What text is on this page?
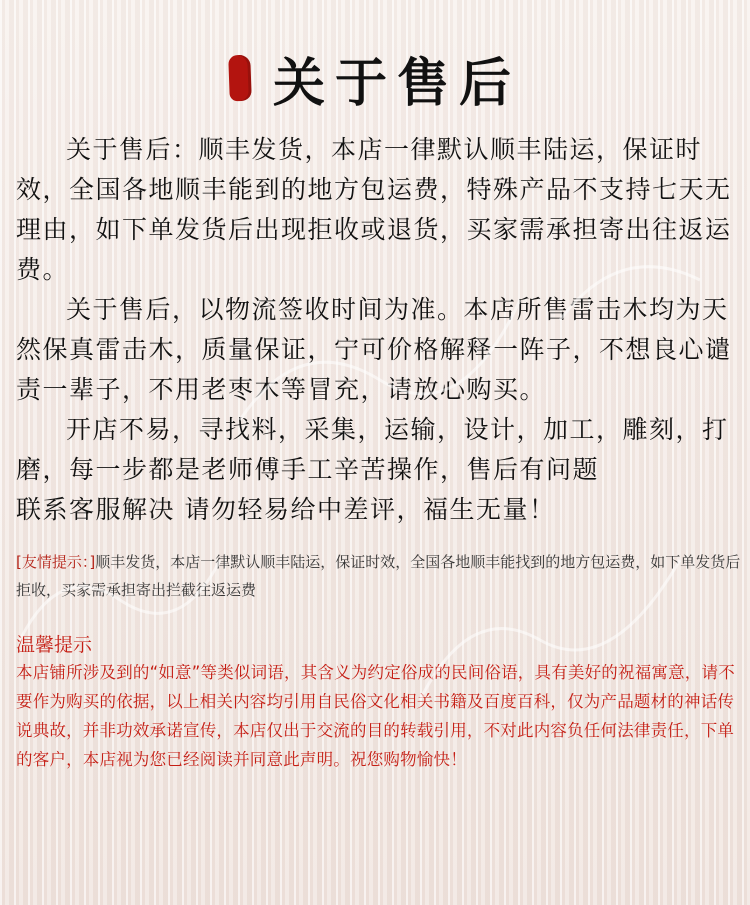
关于售后

关于售后：顺丰发货，本店一律默认顺丰陆运，保证时效，全国各地顺丰能到的地方包运费，特殊产品不支持七天无理由，如下单发货后出现拒收或退货，买家需承担寄出往返运费。

关于售后，以物流签收时间为准。本店所售雷击木均为天然保真雷击木，质量保证，宁可价格解释一阵子，不想良心谴责一辈子，不用老枣木等冒充，请放心购买。

开店不易，寻找料，采集，运输，设计，加工，雕刻，打磨，每一步都是老师傅手工辛苦操作，售后有问题

联系客服解决 请勿轻易给中差评，福生无量！
[友情提示：]顺丰发货，本店一律默认顺丰陆运，保证时效，全国各地顺丰能找到的地方包运费，如下单发货后拒收，买家需承担寄出拦截往返运费
温馨提示
本店铺所涉及到的“如意”等类似词语，其含义为约定俗成的民间俗语，具有美好的祝福寓意，请不要作为购买的依据，以上相关内容均引用自民俗文化相关书籍及百度百科，仅为产品题材的神话传说典故，并非功效承诺宣传，本店仅出于交流的目的转载引用，不对此内容负任何法律责任，下单的客户，本店视为您已经阅读并同意此声明。祝您购物愉快！
